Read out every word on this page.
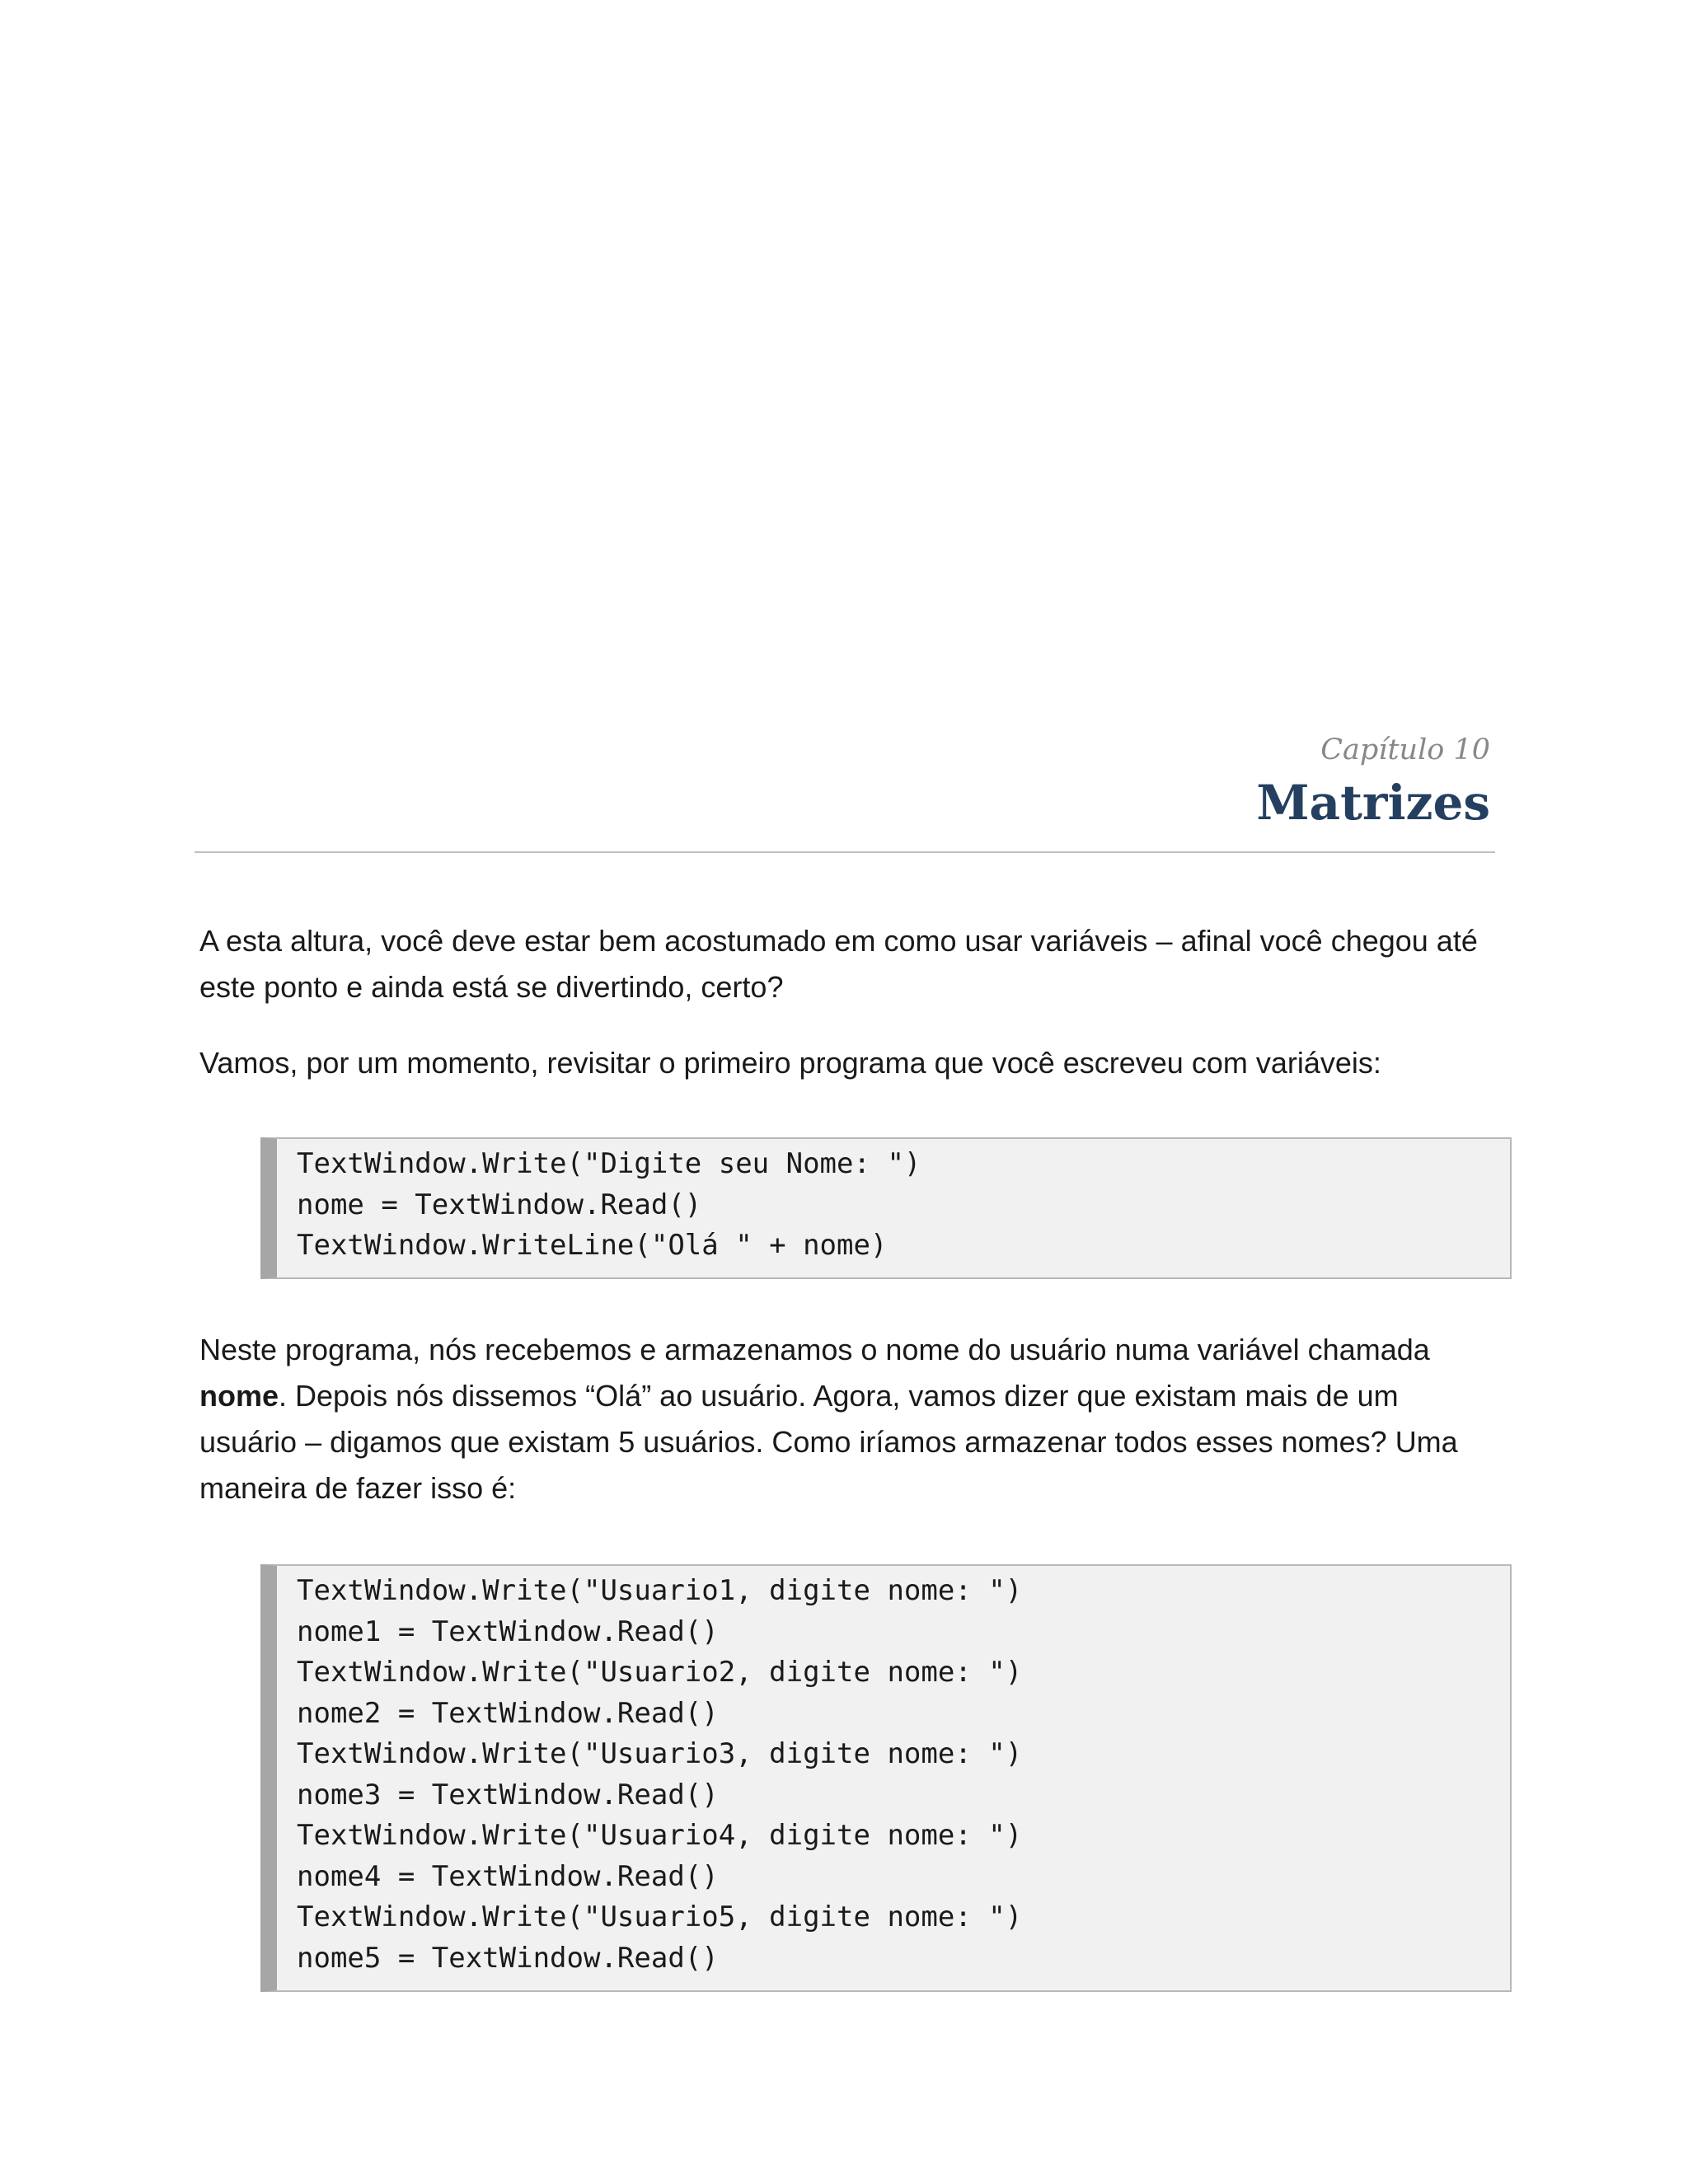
Capítulo 10
Matrizes

A esta altura, você deve estar bem acostumado em como usar variáveis – afinal você chegou até este ponto e ainda está se divertindo, certo?

Vamos, por um momento, revisitar o primeiro programa que você escreveu com variáveis:

TextWindow.Write("Digite seu Nome: ")
nome = TextWindow.Read()
TextWindow.WriteLine("Olá " + nome)

Neste programa, nós recebemos e armazenamos o nome do usuário numa variável chamada nome. Depois nós dissemos “Olá” ao usuário. Agora, vamos dizer que existam mais de um usuário – digamos que existam 5 usuários. Como iríamos armazenar todos esses nomes? Uma maneira de fazer isso é:

TextWindow.Write("Usuario1, digite nome: ")
nome1 = TextWindow.Read()
TextWindow.Write("Usuario2, digite nome: ")
nome2 = TextWindow.Read()
TextWindow.Write("Usuario3, digite nome: ")
nome3 = TextWindow.Read()
TextWindow.Write("Usuario4, digite nome: ")
nome4 = TextWindow.Read()
TextWindow.Write("Usuario5, digite nome: ")
nome5 = TextWindow.Read()
